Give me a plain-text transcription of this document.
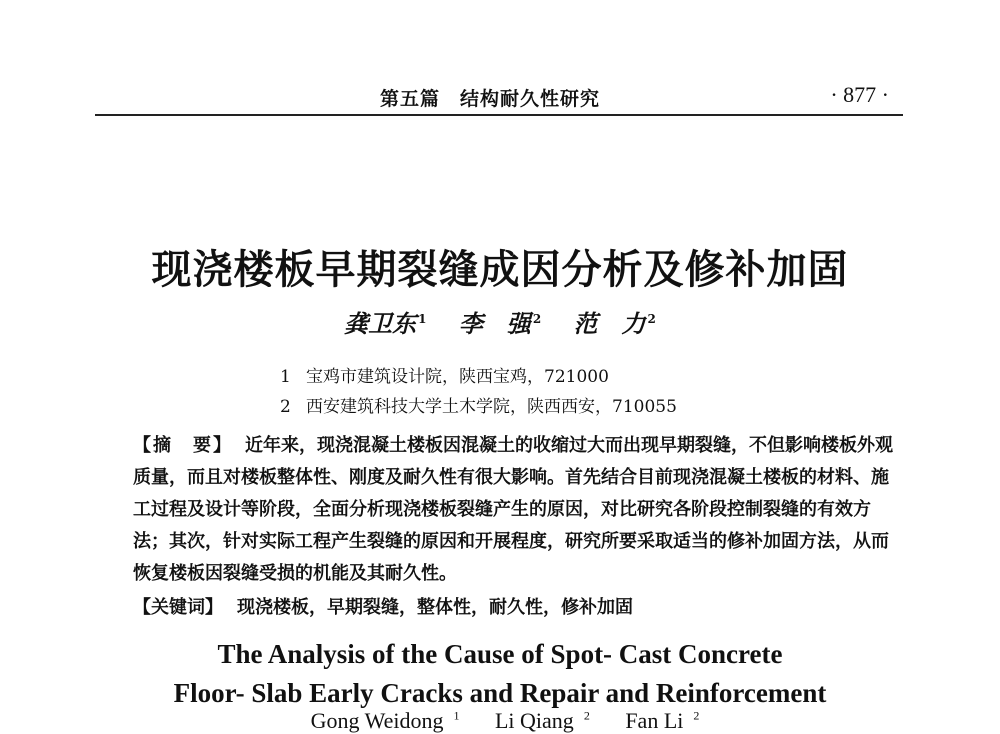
第五篇　结构耐久性研究	· 877 ·
现浇楼板早期裂缝成因分析及修补加固
龚卫东 $^1$ 李　强 $^2$ 范　力 $^2$
1 宝鸡市建筑设计院，陕西宝鸡，721000
2 西安建筑科技大学土木学院，陕西西安，710055
【摘　要】 近年来，现浇混凝土楼板因混凝土的收缩过大而出现早期裂缝，不但影响楼板外观质量，而且对楼板整体性、刚度及耐久性有很大影响。首先结合目前现浇混凝土楼板的材料、施工过程及设计等阶段，全面分析现浇楼板裂缝产生的原因，对比研究各阶段控制裂缝的有效方法；其次，针对实际工程产生裂缝的原因和开展程度，研究所要采取适当的修补加固方法，从而恢复楼板因裂缝受损的机能及其耐久性。
【关键词】 现浇楼板，早期裂缝，整体性，耐久性，修补加固
The Analysis of the Cause of Spot- Cast Concrete
Floor- Slab Early Cracks and Repair and Reinforcement
Gong Weidong $^1$ Li Qiang $^2$ Fan Li $^2$
